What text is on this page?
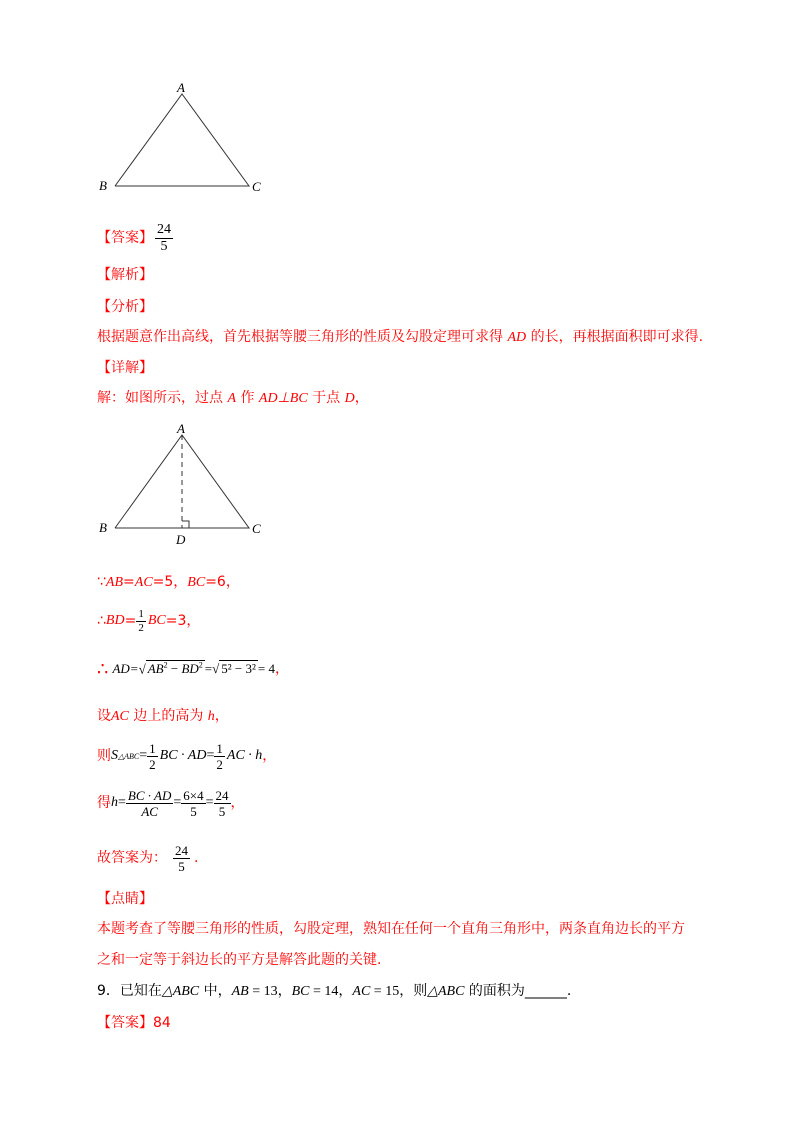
A
B	C
【答案】 $\frac{24}{5}$
【解析】
【分析】
根据题意作出高线，首先根据等腰三角形的性质及勾股定理可求得 AD 的长，再根据面积即可求得.
【详解】
解：如图所示，过点 A 作 AD⊥BC 于点 D，
A
B	C
D
∵AB=AC=5，BC=6，
∴ BD = $\frac{1}{2}$ BC =3，
∴ AD= √ $AB^2 - BD^2$ = √ 5² − 3² = 4 ，
设AC 边上的高为 h，
则 S △ABC = $\frac{1}{2}$ BC · AD = $\frac{1}{2}$ AC · h ，
得 $h = \frac{BC \cdot AD}{AC} = \frac{6\times 4}{5} = \frac{24}{5}$ ，
故答案为： $\frac{24}{5}$ .
【点睛】
本题考查了等腰三角形的性质，勾股定理，熟知在任何一个直角三角形中，两条直角边长的平方
之和一定等于斜边长的平方是解答此题的关键.
9．已知在△ABC 中，AB = 13，BC = 14，AC = 15，则△ABC 的面积为______.
【答案】84
